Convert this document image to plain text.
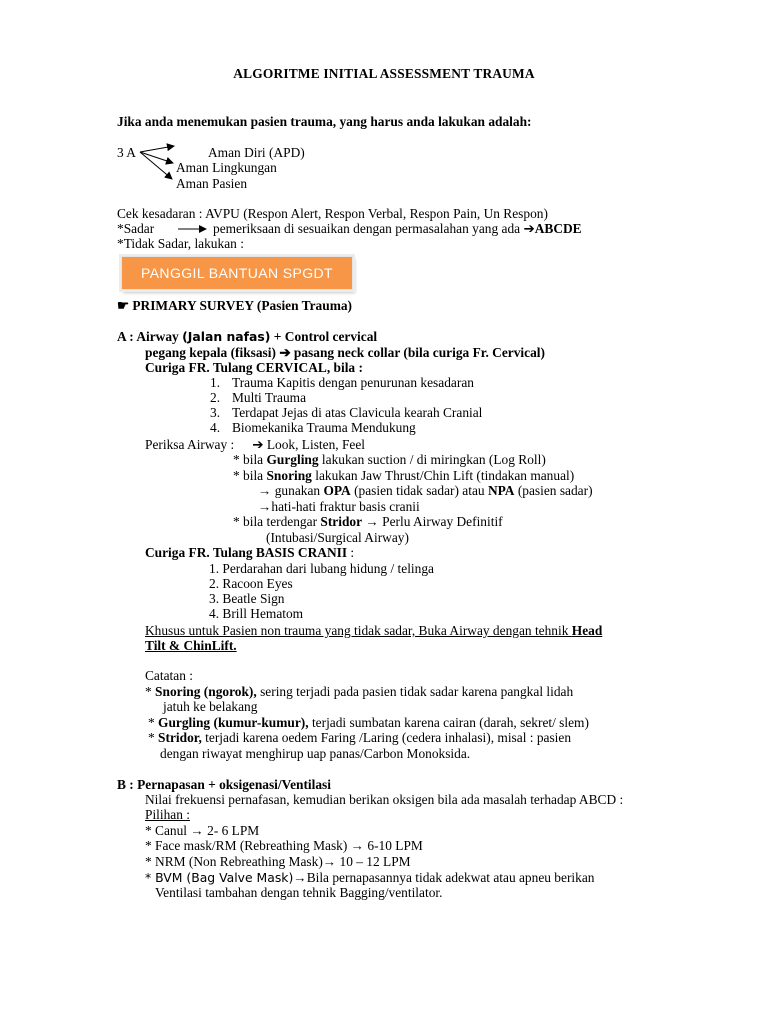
ALGORITME INITIAL ASSESSMENT TRAUMA
Jika anda menemukan pasien trauma, yang harus anda lakukan adalah:
3 A	Aman Diri (APD)
Aman Lingkungan
Aman Pasien
Cek kesadaran : AVPU (Respon Alert, Respon Verbal, Respon Pain, Un Respon)
*Sadar	pemeriksaan di sesuaikan dengan permasalahan yang ada ➔ABCDE
*Tidak Sadar, lakukan :
PANGGIL BANTUAN SPGDT
☛ PRIMARY SURVEY (Pasien Trauma)
A : Airway (Jalan nafas) + Control cervical
pegang kepala (fiksasi) ➔ pasang neck collar (bila curiga Fr. Cervical)
Curiga FR. Tulang CERVICAL, bila :
1. Trauma Kapitis dengan penurunan kesadaran
2. Multi Trauma
3. Terdapat Jejas di atas Clavicula kearah Cranial
4. Biomekanika Trauma Mendukung
Periksa Airway : ➔ Look, Listen, Feel
* bila Gurgling lakukan suction / di miringkan (Log Roll)
* bila Snoring lakukan Jaw Thrust/Chin Lift (tindakan manual)
→ gunakan OPA (pasien tidak sadar) atau NPA (pasien sadar)
→hati-hati fraktur basis cranii
* bila terdengar Stridor → Perlu Airway Definitif
(Intubasi/Surgical Airway)
Curiga FR. Tulang BASIS CRANII :
1. Perdarahan dari lubang hidung / telinga
2. Racoon Eyes
3. Beatle Sign
4. Brill Hematom
Khusus untuk Pasien non trauma yang tidak sadar, Buka Airway dengan tehnik Head
Tilt & ChinLift.
Catatan :
* Snoring (ngorok), sering terjadi pada pasien tidak sadar karena pangkal lidah
jatuh ke belakang
* Gurgling (kumur-kumur), terjadi sumbatan karena cairan (darah, sekret/ slem)
* Stridor, terjadi karena oedem Faring /Laring (cedera inhalasi), misal : pasien
dengan riwayat menghirup uap panas/Carbon Monoksida.
B : Pernapasan + oksigenasi/Ventilasi
Nilai frekuensi pernafasan, kemudian berikan oksigen bila ada masalah terhadap ABCD :
Pilihan :
* Canul → 2- 6 LPM
* Face mask/RM (Rebreathing Mask) → 6-10 LPM
* NRM (Non Rebreathing Mask)→ 10 – 12 LPM
* BVM (Bag Valve Mask)→Bila pernapasannya tidak adekwat atau apneu berikan
Ventilasi tambahan dengan tehnik Bagging/ventilator.
